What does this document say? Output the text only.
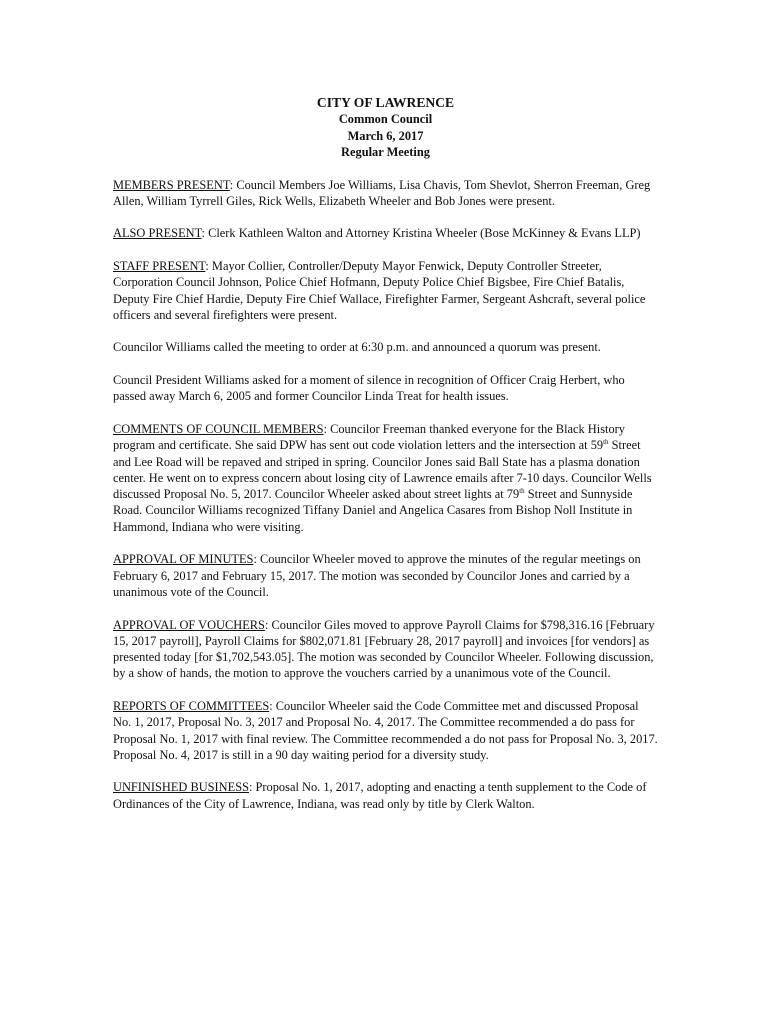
CITY OF LAWRENCE
Common Council
March 6, 2017
Regular Meeting

MEMBERS PRESENT: Council Members Joe Williams, Lisa Chavis, Tom Shevlot, Sherron Freeman, Greg Allen, William Tyrrell Giles, Rick Wells, Elizabeth Wheeler and Bob Jones were present.

ALSO PRESENT: Clerk Kathleen Walton and Attorney Kristina Wheeler (Bose McKinney & Evans LLP)

STAFF PRESENT: Mayor Collier, Controller/Deputy Mayor Fenwick, Deputy Controller Streeter, Corporation Council Johnson, Police Chief Hofmann, Deputy Police Chief Bigsbee, Fire Chief Batalis, Deputy Fire Chief Hardie, Deputy Fire Chief Wallace, Firefighter Farmer, Sergeant Ashcraft, several police officers and several firefighters were present.

Councilor Williams called the meeting to order at 6:30 p.m. and announced a quorum was present.

Council President Williams asked for a moment of silence in recognition of Officer Craig Herbert, who passed away March 6, 2005 and former Councilor Linda Treat for health issues.

COMMENTS OF COUNCIL MEMBERS: Councilor Freeman thanked everyone for the Black History program and certificate. She said DPW has sent out code violation letters and the intersection at 59th Street and Lee Road will be repaved and striped in spring. Councilor Jones said Ball State has a plasma donation center. He went on to express concern about losing city of Lawrence emails after 7-10 days. Councilor Wells discussed Proposal No. 5, 2017. Councilor Wheeler asked about street lights at 79th Street and Sunnyside Road. Councilor Williams recognized Tiffany Daniel and Angelica Casares from Bishop Noll Institute in Hammond, Indiana who were visiting.

APPROVAL OF MINUTES: Councilor Wheeler moved to approve the minutes of the regular meetings on February 6, 2017 and February 15, 2017. The motion was seconded by Councilor Jones and carried by a unanimous vote of the Council.

APPROVAL OF VOUCHERS: Councilor Giles moved to approve Payroll Claims for $798,316.16 [February 15, 2017 payroll], Payroll Claims for $802,071.81 [February 28, 2017 payroll] and invoices [for vendors] as presented today [for $1,702,543.05]. The motion was seconded by Councilor Wheeler. Following discussion, by a show of hands, the motion to approve the vouchers carried by a unanimous vote of the Council.

REPORTS OF COMMITTEES: Councilor Wheeler said the Code Committee met and discussed Proposal No. 1, 2017, Proposal No. 3, 2017 and Proposal No. 4, 2017. The Committee recommended a do pass for Proposal No. 1, 2017 with final review. The Committee recommended a do not pass for Proposal No. 3, 2017. Proposal No. 4, 2017 is still in a 90 day waiting period for a diversity study.

UNFINISHED BUSINESS: Proposal No. 1, 2017, adopting and enacting a tenth supplement to the Code of Ordinances of the City of Lawrence, Indiana, was read only by title by Clerk Walton.
